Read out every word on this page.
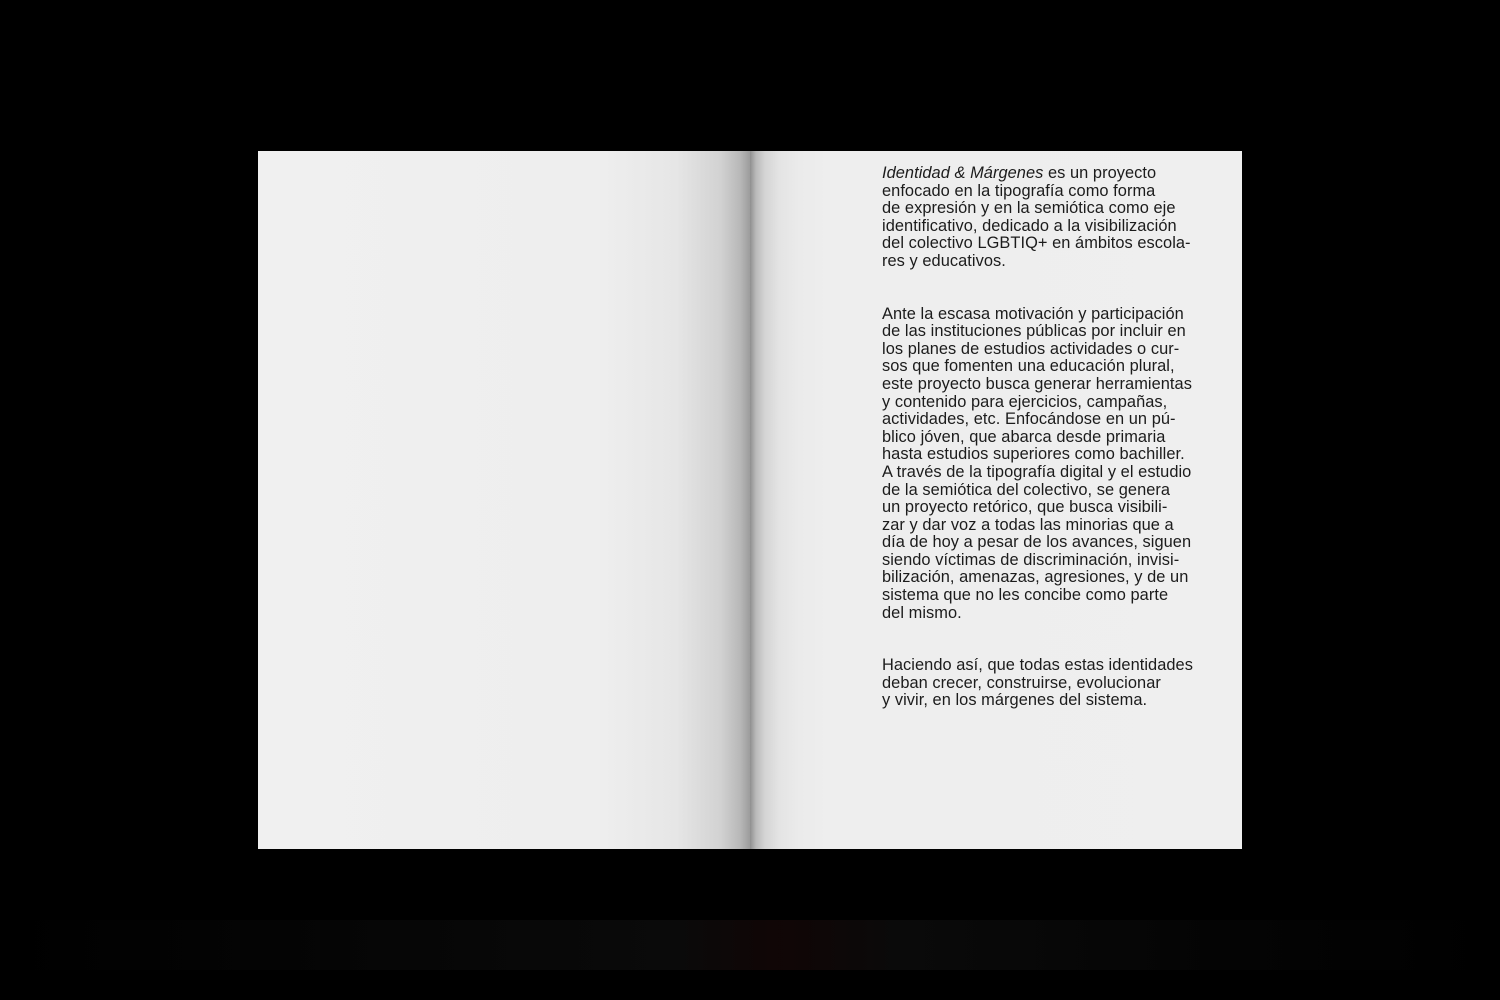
Identidad & Márgenes es un proyecto
enfocado en la tipografía como forma
de expresión y en la semiótica como eje
identificativo, dedicado a la visibilización
del colectivo LGBTIQ+ en ámbitos escola-
res y educativos.

Ante la escasa motivación y participación
de las instituciones públicas por incluir en
los planes de estudios actividades o cur-
sos que fomenten una educación plural,
este proyecto busca generar herramientas
y contenido para ejercicios, campañas,
actividades, etc. Enfocándose en un pú-
blico jóven, que abarca desde primaria
hasta estudios superiores como bachiller.
A través de la tipografía digital y el estudio
de la semiótica del colectivo, se genera
un proyecto retórico, que busca visibili-
zar y dar voz a todas las minorias que a
día de hoy a pesar de los avances, siguen
siendo víctimas de discriminación, invisi-
bilización, amenazas, agresiones, y de un
sistema que no les concibe como parte
del mismo.

Haciendo así, que todas estas identidades
deban crecer, construirse, evolucionar
y vivir, en los márgenes del sistema.
